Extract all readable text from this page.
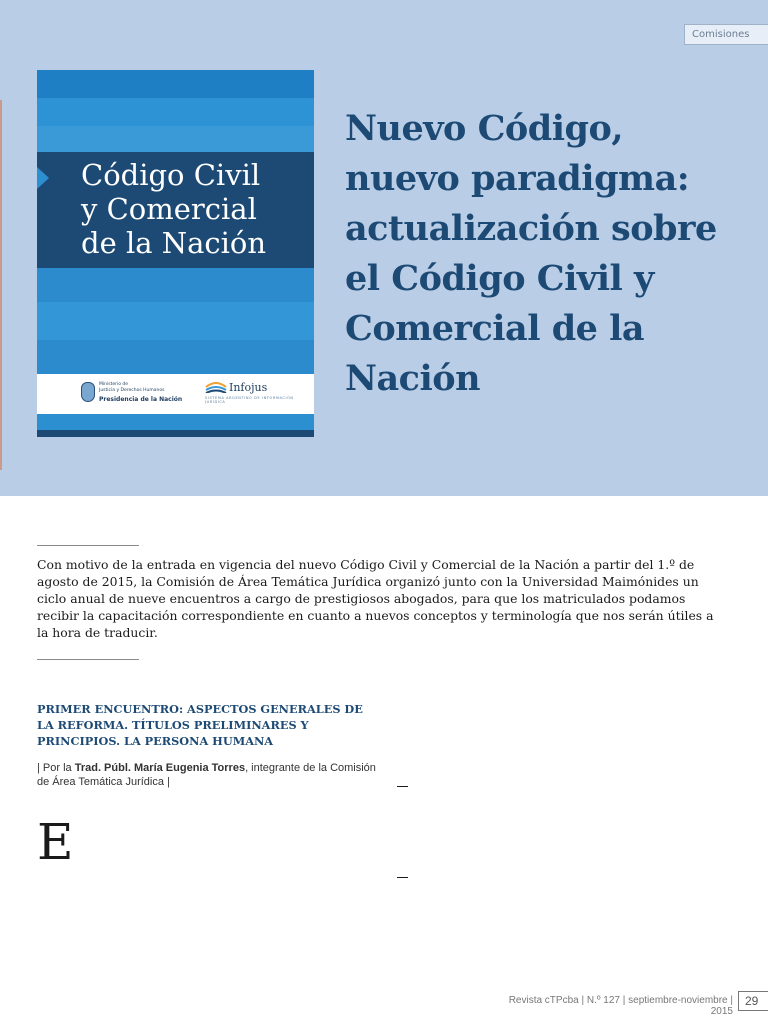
Comisiones
Código Civil
y Comercial
de la Nación
Ministerio de
Justicia y Derechos Humanos
Presidencia de la Nación
Infojus
SISTEMA ARGENTINO DE INFORMACIÓN JURÍDICA
Nuevo Código,
nuevo paradigma:
actualización sobre
el Código Civil y
Comercial de la
Nación

Con motivo de la entrada en vigencia del nuevo Código Civil y Comercial de la Nación a partir del 1.º de agosto de 2015, la Comisión de Área Temática Jurídica organizó junto con la Universidad Maimónides un ciclo anual de nueve encuentros a cargo de prestigiosos abogados, para que los matriculados podamos recibir la capacitación correspondiente en cuanto a nuevos conceptos y terminología que nos serán útiles a la hora de traducir.

PRIMER ENCUENTRO: ASPECTOS GENERALES DE LA REFORMA. TÍTULOS PRELIMINARES Y PRINCIPIOS. LA PERSONA HUMANA

| Por la Trad. Públ. María Eugenia Torres, integrante de la Comisión de Área Temática Jurídica |

E
Revista cTPcba | N.º 127 | septiembre-noviembre | 2015
29
